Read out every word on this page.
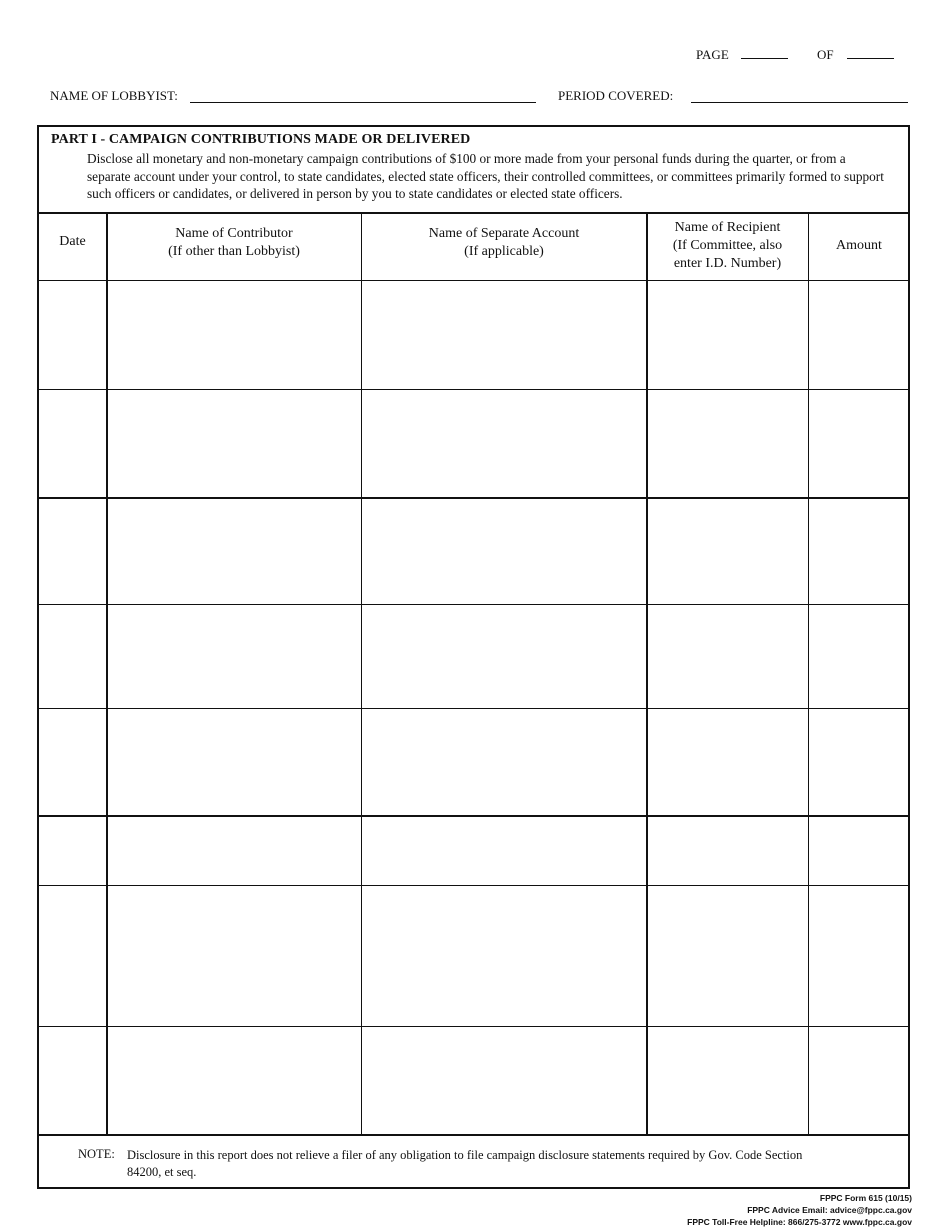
PAGE	OF
NAME OF LOBBYIST:	PERIOD COVERED:
PART I - CAMPAIGN CONTRIBUTIONS MADE OR DELIVERED
Disclose all monetary and non-monetary campaign contributions of $100 or more made from your personal funds during the quarter, or from a separate account under your control, to state candidates, elected state officers, their controlled committees, or committees primarily formed to support such officers or candidates, or delivered in person by you to state candidates or elected state officers.
Date
Name of Contributor
(If other than Lobbyist)
Name of Separate Account
(If applicable)
Name of Recipient
(If Committee, also
enter I.D. Number)
Amount
NOTE: Disclosure in this report does not relieve a filer of any obligation to file campaign disclosure statements required by Gov. Code Section 84200, et seq.
FPPC Form 615 (10/15)
FPPC Advice Email: advice@fppc.ca.gov
FPPC Toll-Free Helpline: 866/275-3772 www.fppc.ca.gov
